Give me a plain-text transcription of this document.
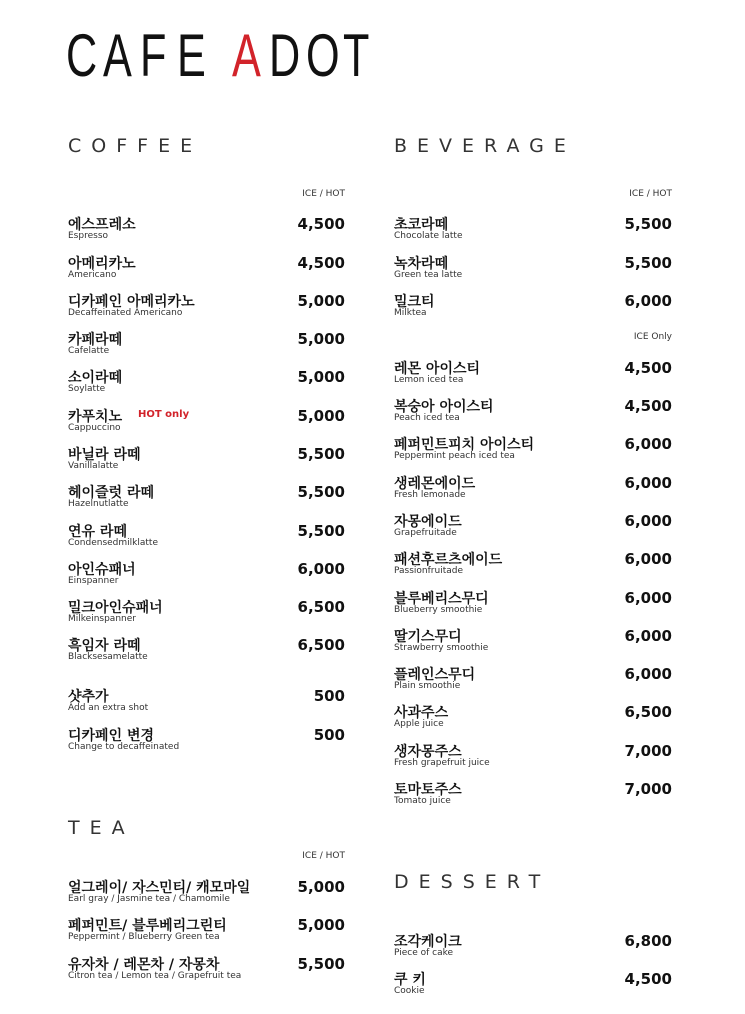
C A F E A D O T
COFFEE
ICE / HOT
에스프레소
Espresso
4,500
아메리카노
Americano
4,500
디카페인 아메리카노
Decaffeinated Americano
5,000
카페라떼
Cafelatte
5,000
소이라떼
Soylatte
5,000
카푸치노 HOT only
Cappuccino
5,000
바닐라 라떼
Vanillalatte
5,500
헤이즐럿 라떼
Hazelnutlatte
5,500
연유 라떼
Condensedmilklatte
5,500
아인슈패너
Einspanner
6,000
밀크아인슈패너
Milkeinspanner
6,500
흑임자 라떼
Blacksesamelatte
6,500
샷추가
Add an extra shot
500
디카페인 변경
Change to decaffeinated
500
TEA
ICE / HOT
얼그레이/ 자스민티/ 캐모마일
Earl gray / Jasmine tea / Chamomile
5,000
페퍼민트/ 블루베리그린티
Peppermint / Blueberry Green tea
5,000
유자차 / 레몬차 / 자몽차
Citron tea / Lemon tea / Grapefruit tea
5,500
BEVERAGE
ICE / HOT
초코라떼
Chocolate latte
5,500
녹차라떼
Green tea latte
5,500
밀크티
Milktea
6,000
ICE Only
레몬 아이스티
Lemon iced tea
4,500
복숭아 아이스티
Peach iced tea
4,500
페퍼민트피치 아이스티
Peppermint peach iced tea
6,000
생레몬에이드
Fresh lemonade
6,000
자몽에이드
Grapefruitade
6,000
패션후르츠에이드
Passionfruitade
6,000
블루베리스무디
Blueberry smoothie
6,000
딸기스무디
Strawberry smoothie
6,000
플레인스무디
Plain smoothie
6,000
사과주스
Apple juice
6,500
생자몽주스
Fresh grapefruit juice
7,000
토마토주스
Tomato juice
7,000
DESSERT
조각케이크
Piece of cake
6,800
쿠 키
Cookie
4,500
